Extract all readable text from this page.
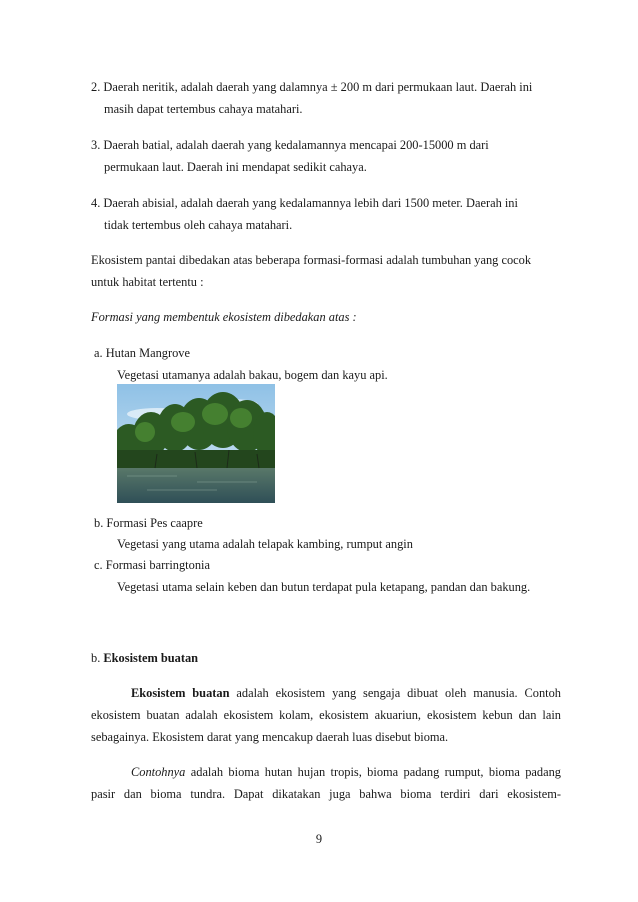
2. Daerah neritik, adalah daerah yang dalamnya ± 200 m dari permukaan laut. Daerah ini
masih dapat tertembus cahaya matahari.
3. Daerah batial, adalah daerah yang kedalamannya mencapai 200-15000 m dari
permukaan laut. Daerah ini mendapat sedikit cahaya.
4. Daerah abisial, adalah daerah yang kedalamannya lebih dari 1500 meter. Daerah ini
tidak tertembus oleh cahaya matahari.
Ekosistem pantai dibedakan atas beberapa formasi-formasi adalah tumbuhan yang cocok
untuk habitat tertentu :
Formasi yang membentuk ekosistem dibedakan atas :
a. Hutan Mangrove
Vegetasi utamanya adalah bakau, bogem dan kayu api.
b. Formasi Pes caapre
Vegetasi yang utama adalah telapak kambing, rumput angin
c. Formasi barringtonia
Vegetasi utama selain keben dan butun terdapat pula ketapang, pandan dan bakung.
b. Ekosistem buatan
Ekosistem buatan adalah ekosistem yang sengaja dibuat oleh manusia. Contoh
ekosistem buatan adalah ekosistem kolam, ekosistem akuariun, ekosistem kebun dan lain
sebagainya. Ekosistem darat yang mencakup daerah luas disebut bioma.
Contohnya adalah bioma hutan hujan tropis, bioma padang rumput, bioma padang
pasir dan bioma tundra. Dapat dikatakan juga bahwa bioma terdiri dari ekosistem-
9
